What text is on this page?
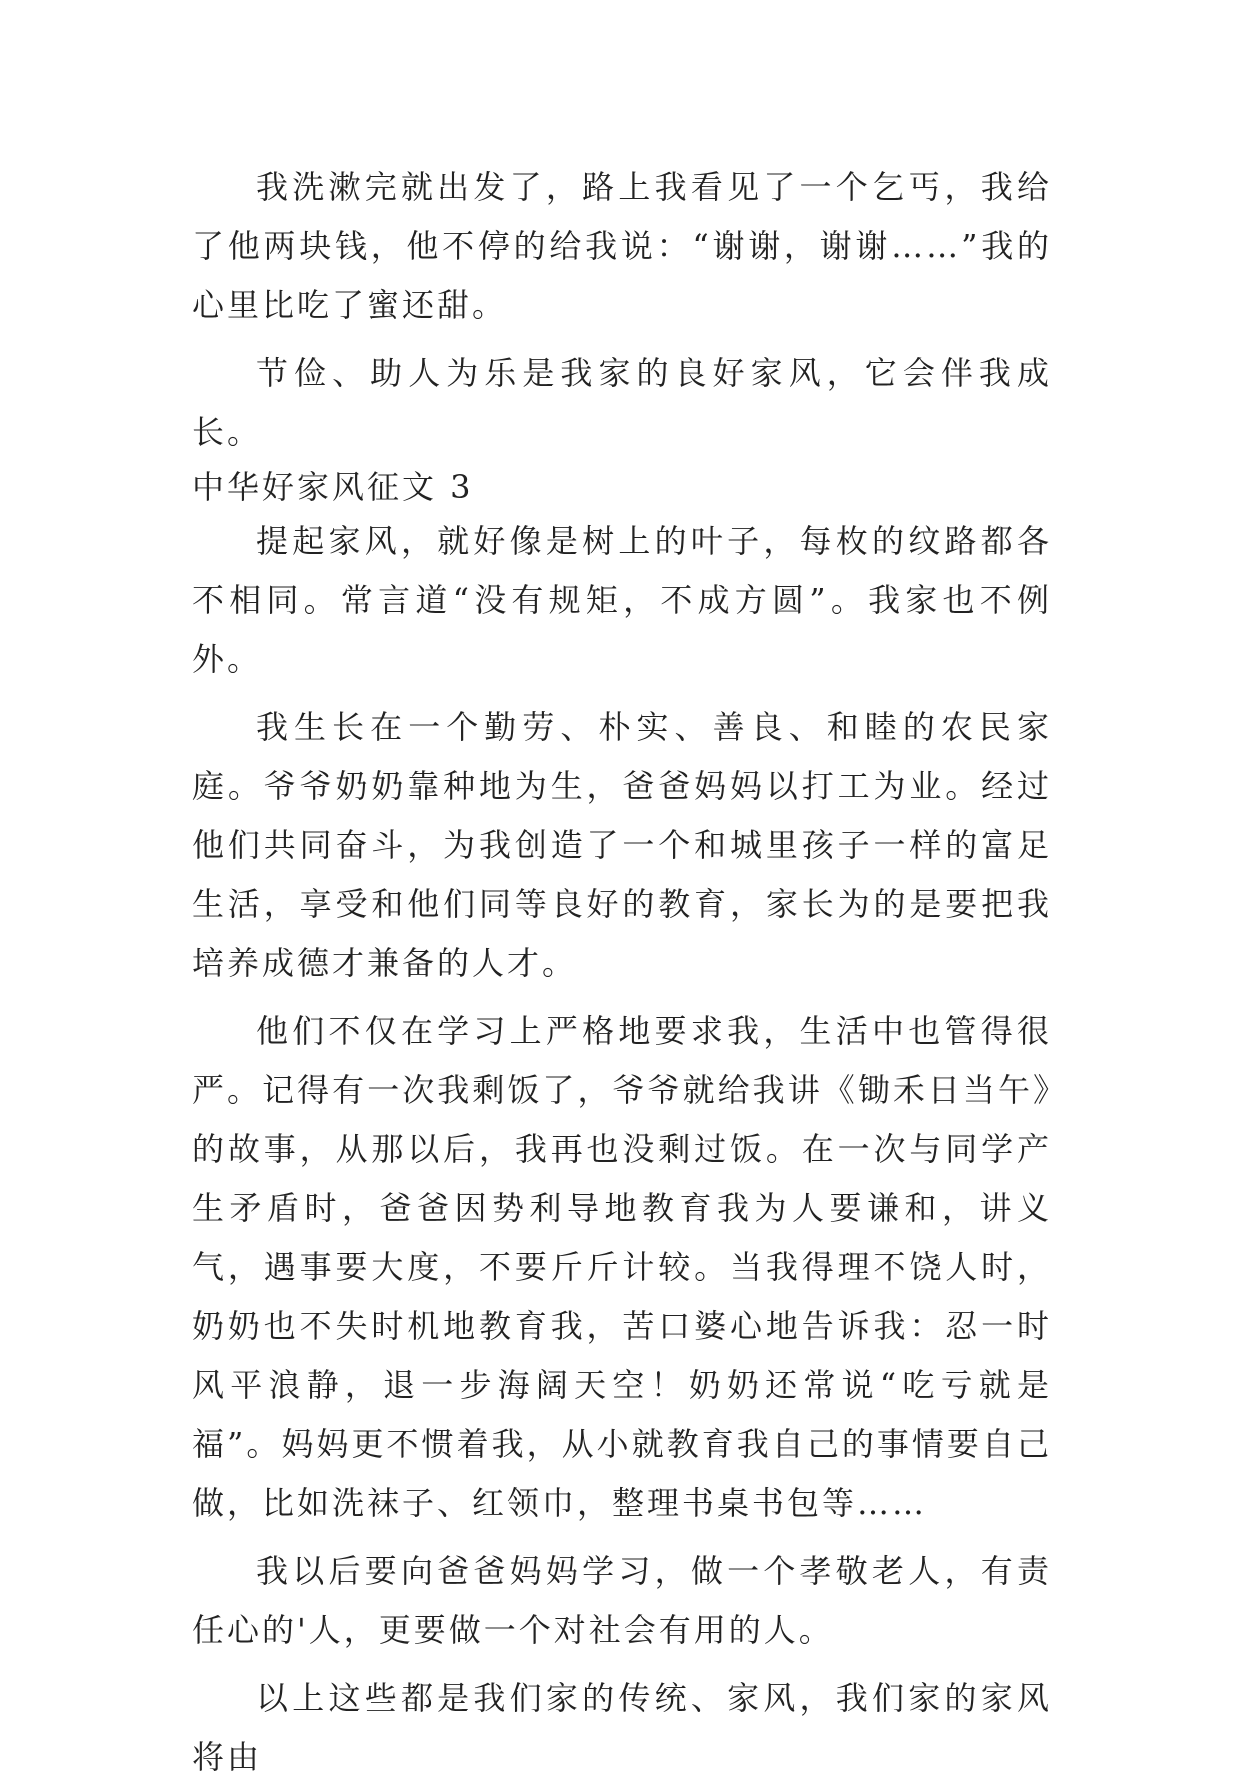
我洗漱完就出发了，路上我看见了一个乞丐，我给了他两块钱，他不停的给我说：“谢谢，谢谢……”我的心里比吃了蜜还甜。

节俭、助人为乐是我家的良好家风，它会伴我成长。

中华好家风征文 3

提起家风，就好像是树上的叶子，每枚的纹路都各不相同。常言道“没有规矩，不成方圆”。我家也不例外。

我生长在一个勤劳、朴实、善良、和睦的农民家庭。爷爷奶奶靠种地为生，爸爸妈妈以打工为业。经过他们共同奋斗，为我创造了一个和城里孩子一样的富足生活，享受和他们同等良好的教育，家长为的是要把我培养成德才兼备的人才。

他们不仅在学习上严格地要求我，生活中也管得很严。记得有一次我剩饭了，爷爷就给我讲《锄禾日当午》的故事，从那以后，我再也没剩过饭。在一次与同学产生矛盾时，爸爸因势利导地教育我为人要谦和，讲义气，遇事要大度，不要斤斤计较。当我得理不饶人时，奶奶也不失时机地教育我，苦口婆心地告诉我：忍一时风平浪静，退一步海阔天空！奶奶还常说“吃亏就是福”。妈妈更不惯着我，从小就教育我自己的事情要自己做，比如洗袜子、红领巾，整理书桌书包等……

我以后要向爸爸妈妈学习，做一个孝敬老人，有责任心的'人，更要做一个对社会有用的人。

以上这些都是我们家的传统、家风，我们家的家风将由
